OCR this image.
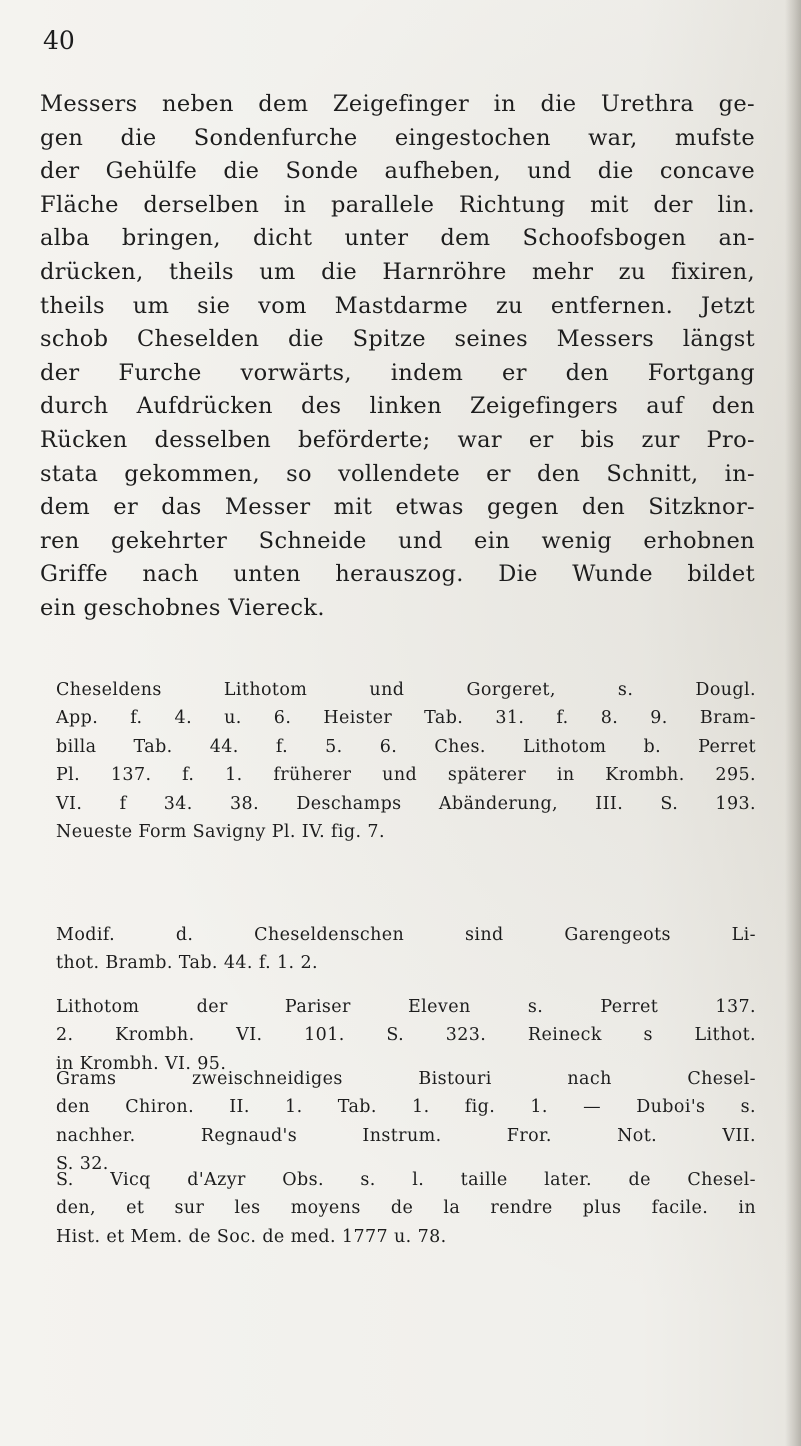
40
Messers neben dem Zeigefinger in die Urethra ge-
gen die Sondenfurche eingestochen war, mufste
der Gehülfe die Sonde aufheben, und die concave
Fläche derselben in parallele Richtung mit der lin.
alba bringen, dicht unter dem Schoofsbogen an-
drücken, theils um die Harnröhre mehr zu fixiren,
theils um sie vom Mastdarme zu entfernen. Jetzt
schob Cheselden die Spitze seines Messers längst
der Furche vorwärts, indem er den Fortgang
durch Aufdrücken des linken Zeigefingers auf den
Rücken desselben beförderte; war er bis zur Pro-
stata gekommen, so vollendete er den Schnitt, in-
dem er das Messer mit etwas gegen den Sitzknor-
ren gekehrter Schneide und ein wenig erhobnen
Griffe nach unten herauszog. Die Wunde bildet
ein geschobnes Viereck.
Cheseldens Lithotom und Gorgeret, s. Dougl.
App. f. 4. u. 6. Heister Tab. 31. f. 8. 9. Bram-
billa Tab. 44. f. 5. 6. Ches. Lithotom b. Perret
Pl. 137. f. 1. früherer und späterer in Krombh. 295.
VI. f 34. 38. Deschamps Abänderung, III. S. 193.
Neueste Form Savigny Pl. IV. fig. 7.
Modif. d. Cheseldenschen sind Garengeots Li-
thot. Bramb. Tab. 44. f. 1. 2.
Lithotom der Pariser Eleven s. Perret 137.
2. Krombh. VI. 101. S. 323. Reineck s Lithot.
in Krombh. VI. 95.
Grams zweischneidiges Bistouri nach Chesel-
den Chiron. II. 1. Tab. 1. fig. 1. — Duboi's s.
nachher. Regnaud's Instrum. Fror. Not. VII.
S. 32.
S. Vicq d'Azyr Obs. s. l. taille later. de Chesel-
den, et sur les moyens de la rendre plus facile. in
Hist. et Mem. de Soc. de med. 1777 u. 78.
